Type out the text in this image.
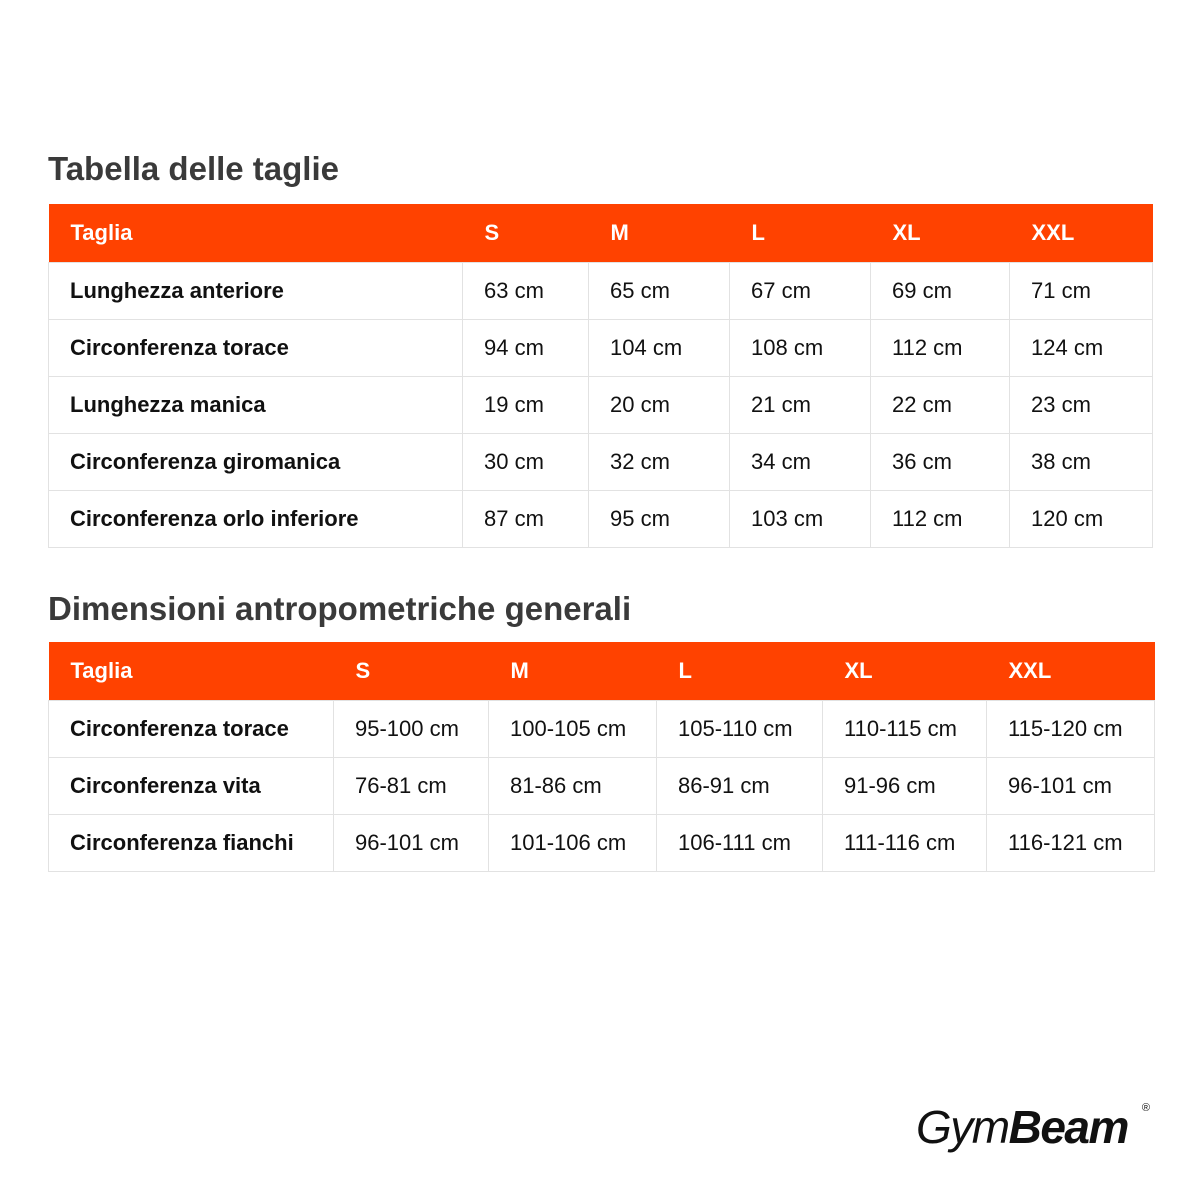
Tabella delle taglie
Taglia	S	M	L	XL	XXL
Lunghezza anteriore	63 cm	65 cm	67 cm	69 cm	71 cm
Circonferenza torace	94 cm	104 cm	108 cm	112 cm	124 cm
Lunghezza manica	19 cm	20 cm	21 cm	22 cm	23 cm
Circonferenza giromanica	30 cm	32 cm	34 cm	36 cm	38 cm
Circonferenza orlo inferiore	87 cm	95 cm	103 cm	112 cm	120 cm
Dimensioni antropometriche generali
Taglia	S	M	L	XL	XXL
Circonferenza torace	95-100 cm	100-105 cm	105-110 cm	110-115 cm	115-120 cm
Circonferenza vita	76-81 cm	81-86 cm	86-91 cm	91-96 cm	96-101 cm
Circonferenza fianchi	96-101 cm	101-106 cm	106-111 cm	111-116 cm	116-121 cm
GymBeam ®
